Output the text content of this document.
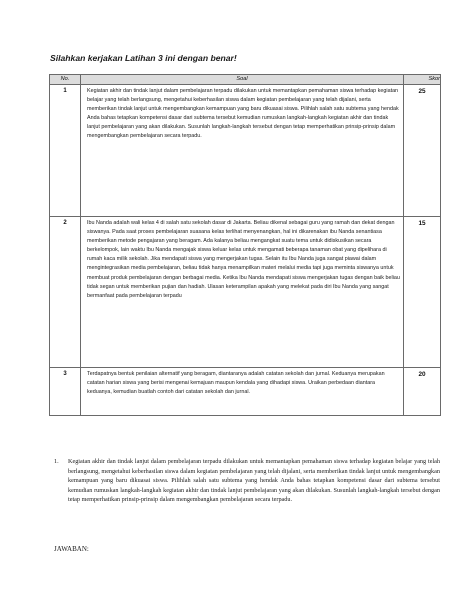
Silahkan kerjakan Latihan 3 ini dengan benar!
No.	Soal	Skor
1	Kegiatan akhir dan tindak lanjut dalam pembelajaran terpadu dilakukan untuk memantapkan pemahaman siswa terhadap kegiatan belajar yang telah berlangsung, mengetahui keberhasilan siswa dalam kegiatan pembelajaran yang telah dijalani, serta memberikan tindak lanjut untuk mengembangkan kemampuan yang baru dikuasai siswa. Pilihlah salah satu subtema yang hendak Anda bahas tetapkan kompetensi dasar dari subtema tersebut kemudian rumuskan langkah-langkah kegiatan akhir dan tindak lanjut pembelajaran yang akan dilakukan. Susunlah langkah-langkah tersebut dengan tetap memperhatikan prinsip-prinsip dalam mengembangkan pembelajaran secara terpadu.	25
2	Ibu Nanda adalah wali kelas 4 di salah satu sekolah dasar di Jakarta. Beliau dikenal sebagai guru yang ramah dan dekat dengan siswanya. Pada saat proses pembelajaran suasana kelas terlihat menyenangkan, hal ini dikarenakan ibu Nanda senantiasa memberikan metode pengajaran yang beragam. Ada kalanya beliau mengangkat suatu tema untuk didiskusikan secara berkelompok, lain waktu Ibu Nanda mengajak siswa keluar kelas untuk mengamati beberapa tanaman obat yang dipelihara di rumah kaca milik sekolah. Jika mendapati siswa yang mengerjakan tugas. Selain itu Ibu Nanda juga sangat piawai dalam mengintegrasikan media pembelajaran, beliau tidak hanya menampilkan materi melalui media tapi juga meminta siswanya untuk membuat produk pembelajaran dengan berbagai media. Ketika Ibu Nanda mendapati siswa mengerjakan tugas dengan baik beliau tidak segan untuk memberikan pujian dan hadiah. Ulasan keterampilan apakah yang melekat pada diri Ibu Nanda yang sangat bermanfaat pada pembelajaran terpadu	15
3	Terdapatnya bentuk penilaian alternatif yang beragam, diantaranya adalah catatan sekolah dan jurnal. Keduanya merupakan catatan harian siswa yang berisi mengenai kemajuan maupun kendala yang dihadapi siswa. Uraikan perbedaan diantara keduanya, kemudian buatlah contoh dari catatan sekolah dan jurnal.	20
1. Kegiatan akhir dan tindak lanjut dalam pembelajaran terpadu dilakukan untuk memantapkan pemahaman siswa terhadap kegiatan belajar yang telah berlangsung, mengetahui keberhasilan siswa dalam kegiatan pembelajaran yang telah dijalani, serta memberikan tindak lanjut untuk mengembangkan kemampuan yang baru dikuasai siswa. Pilihlah salah satu subtema yang hendak Anda bahas tetapkan kompetensi dasar dari subtema tersebut kemudian rumuskan langkah-langkah kegiatan akhir dan tindak lanjut pembelajaran yang akan dilakukan. Susunlah langkah-langkah tersebut dengan tetap memperhatikan prinsip-prinsip dalam mengembangkan pembelajaran secara terpadu.
JAWABAN:
